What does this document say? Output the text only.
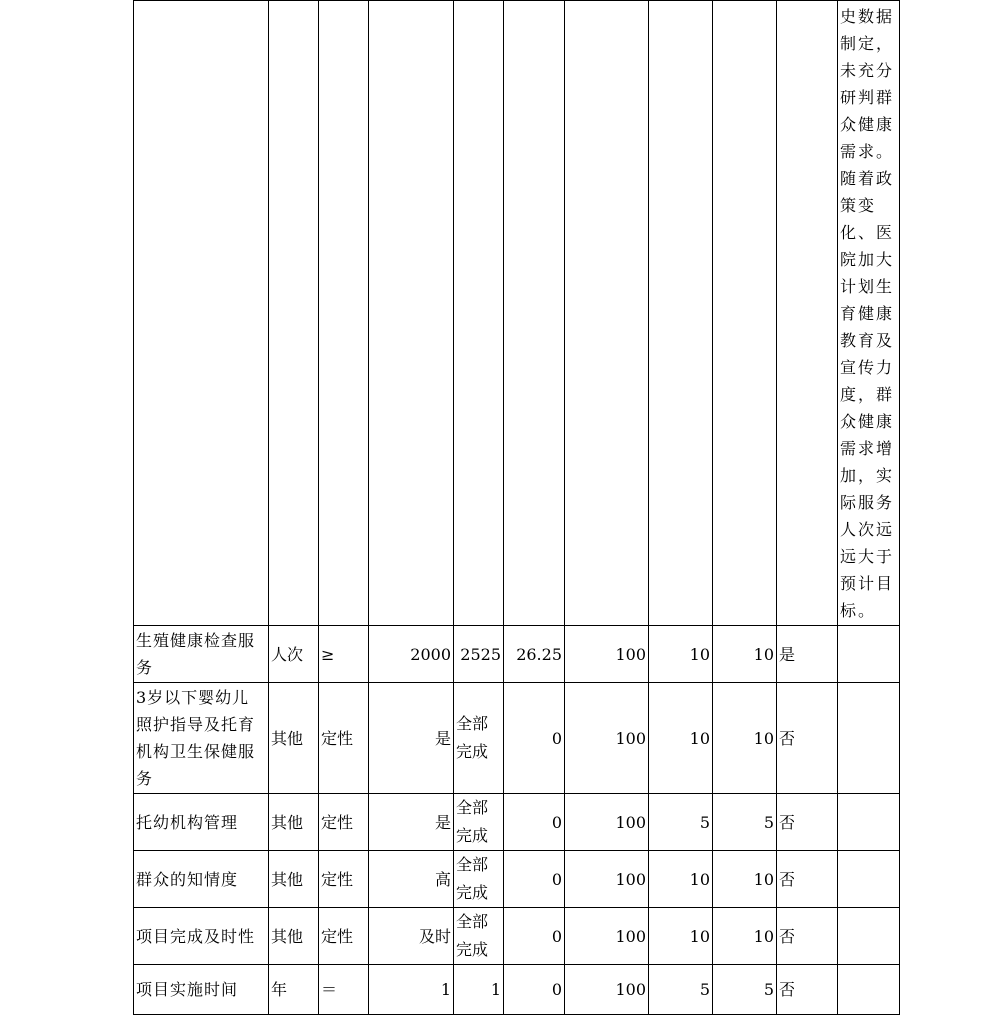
										史数据制定，未充分研判群众健康需求。随着政策变化、医院加大计划生育健康教育及宣传力度，群众健康需求增加，实际服务人次远远大于预计目标。
生殖健康检查服务	人次	≥	2000	2525	26.25	100	10	10	是	
3岁以下婴幼儿照护指导及托育机构卫生保健服务	其他	定性	是	全部完成	0	100	10	10	否	
托幼机构管理	其他	定性	是	全部完成	0	100	5	5	否	
群众的知情度	其他	定性	高	全部完成	0	100	10	10	否	
项目完成及时性	其他	定性	及时	全部完成	0	100	10	10	否	
项目实施时间	年	＝	1	1	0	100	5	5	否	
